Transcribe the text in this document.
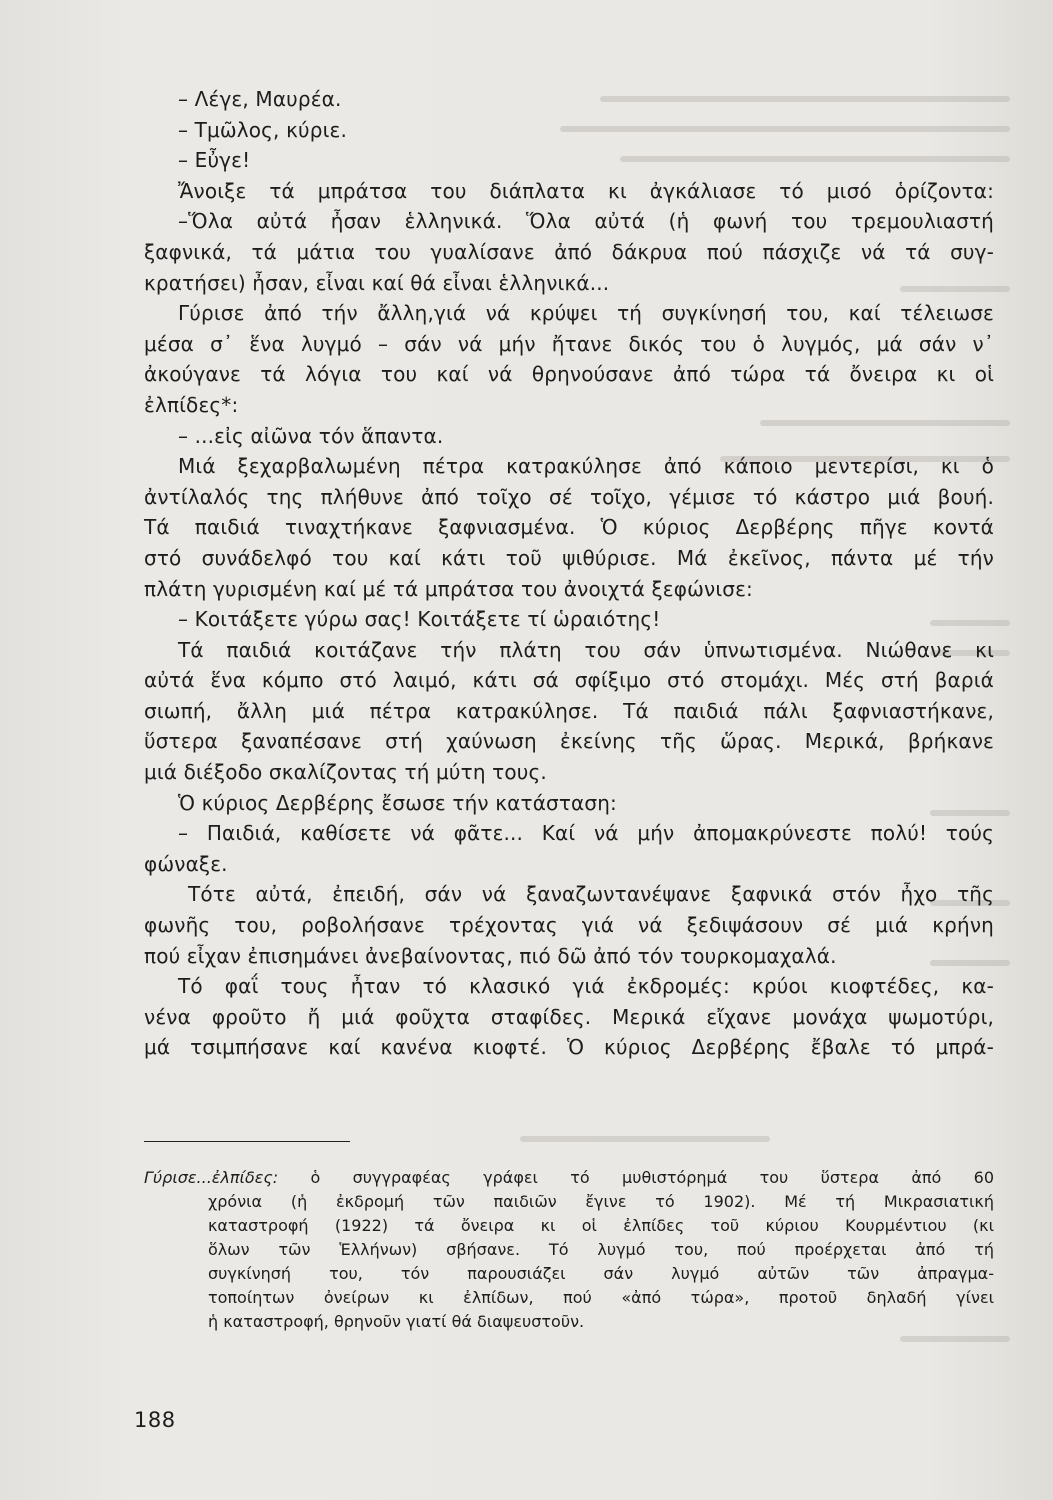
– Λέγε, Μαυρέα.
– Τμῶλος, κύριε.
– Εὖγε!
Ἄνοιξε τά μπράτσα του διάπλατα κι ἀγκάλιασε τό μισό ὁρίζοντα:
–Ὅλα αὐτά ἦσαν ἑλληνικά. Ὅλα αὐτά (ἡ φωνή του τρεμουλιαστή
ξαφνικά, τά μάτια του γυαλίσανε ἀπό δάκρυα πού πάσχιζε νά τά συγ-
κρατήσει) ἦσαν, εἶναι καί θά εἶναι ἑλληνικά...
Γύρισε ἀπό τήν ἄλλη,γιά νά κρύψει τή συγκίνησή του, καί τέλειωσε
μέσα σ᾽ ἕνα λυγμό – σάν νά μήν ἤτανε δικός του ὁ λυγμός, μά σάν ν᾽
ἀκούγανε τά λόγια του καί νά θρηνούσανε ἀπό τώρα τά ὄνειρα κι οἱ
ἐλπίδες*:
– ...εἰς αἰῶνα τόν ἅπαντα.
Μιά ξεχαρβαλωμένη πέτρα κατρακύλησε ἀπό κάποιο μεντερίσι, κι ὁ
ἀντίλαλός της πλήθυνε ἀπό τοῖχο σέ τοῖχο, γέμισε τό κάστρο μιά βουή.
Τά παιδιά τιναχτήκανε ξαφνιασμένα. Ὁ κύριος Δερβέρης πῆγε κοντά
στό συνάδελφό του καί κάτι τοῦ ψιθύρισε. Μά ἐκεῖνος, πάντα μέ τήν
πλάτη γυρισμένη καί μέ τά μπράτσα του ἀνοιχτά ξεφώνισε:
– Κοιτάξετε γύρω σας! Κοιτάξετε τί ὡραιότης!
Τά παιδιά κοιτάζανε τήν πλάτη του σάν ὑπνωτισμένα. Νιώθανε κι
αὐτά ἕνα κόμπο στό λαιμό, κάτι σά σφίξιμο στό στομάχι. Μές στή βαριά
σιωπή, ἄλλη μιά πέτρα κατρακύλησε. Τά παιδιά πάλι ξαφνιαστήκανε,
ὕστερα ξαναπέσανε στή χαύνωση ἐκείνης τῆς ὥρας. Μερικά, βρήκανε
μιά διέξοδο σκαλίζοντας τή μύτη τους.
Ὁ κύριος Δερβέρης ἔσωσε τήν κατάσταση:
– Παιδιά, καθίσετε νά φᾶτε... Καί νά μήν ἀπομακρύνεστε πολύ! τούς
φώναξε.
Τότε αὐτά, ἐπειδή, σάν νά ξαναζωντανέψανε ξαφνικά στόν ἦχο τῆς
φωνῆς του, ροβολήσανε τρέχοντας γιά νά ξεδιψάσουν σέ μιά κρήνη
πού εἶχαν ἐπισημάνει ἀνεβαίνοντας, πιό δῶ ἀπό τόν τουρκομαχαλά.
Τό φαΐ τους ἦταν τό κλασικό γιά ἐκδρομές: κρύοι κιοφτέδες, κα-
νένα φροῦτο ἤ μιά φοῦχτα σταφίδες. Μερικά εἴχανε μονάχα ψωμοτύρι,
μά τσιμπήσανε καί κανένα κιοφτέ. Ὁ κύριος Δερβέρης ἔβαλε τό μπρά-
Γύρισε...ἐλπίδες: ὁ συγγραφέας γράφει τό μυθιστόρημά του ὕστερα ἀπό 60
χρόνια (ἡ ἐκδρομή τῶν παιδιῶν ἔγινε τό 1902). Μέ τή Μικρασιατική
καταστροφή (1922) τά ὄνειρα κι οἱ ἐλπίδες τοῦ κύριου Κουρμέντιου (κι
ὅλων τῶν Ἑλλήνων) σβήσανε. Τό λυγμό του, πού προέρχεται ἀπό τή
συγκίνησή του, τόν παρουσιάζει σάν λυγμό αὐτῶν τῶν ἀπραγμα-
τοποίητων ὀνείρων κι ἐλπίδων, πού «ἀπό τώρα», προτοῦ δηλαδή γίνει
ἡ καταστροφή, θρηνοῦν γιατί θά διαψευστοῦν.
188
